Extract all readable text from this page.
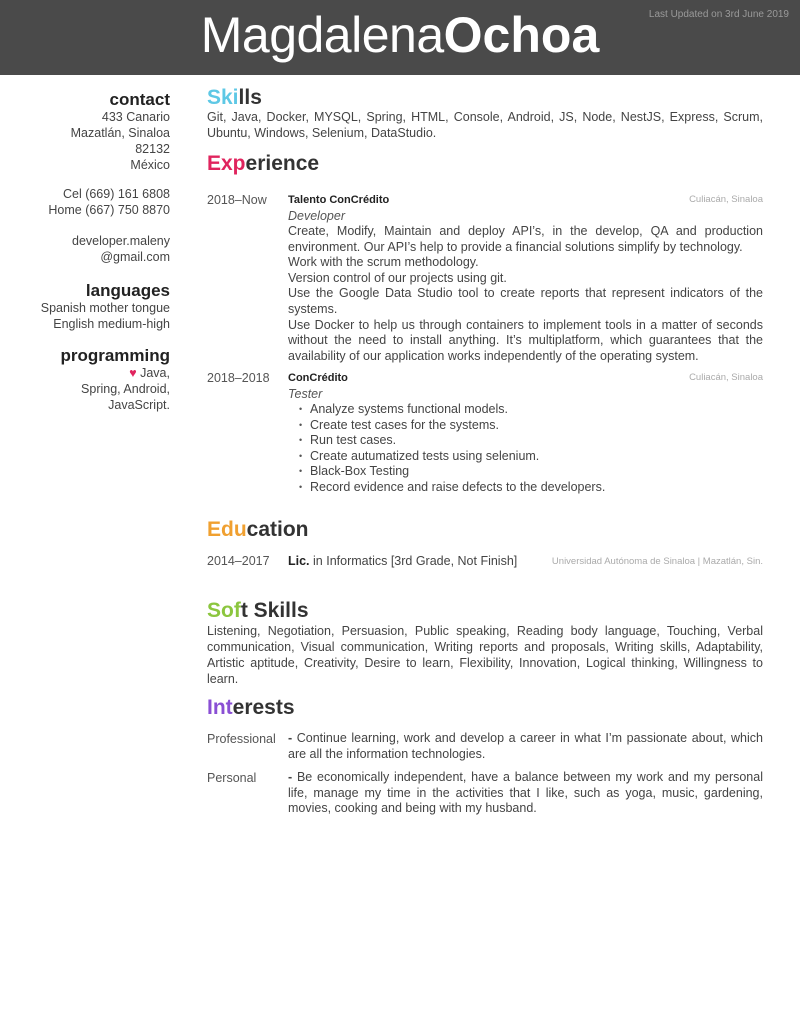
MagdalenaOchoa	Last Updated on 3rd June 2019
contact
433 Canario
Mazatlán, Sinaloa
82132
México
Cel (669) 161 6808
Home (667) 750 8870
developer.maleny
@gmail.com
languages
Spanish mother tongue
English medium-high
programming
♥ Java,
Spring, Android,
JavaScript.
Skills
Git, Java, Docker, MYSQL, Spring, HTML, Console, Android, JS, Node, NestJS, Express, Scrum, Ubuntu, Windows, Selenium, DataStudio.
Experience
2018–Now Talento ConCrédito	Culiacán, Sinaloa
Developer
Create, Modify, Maintain and deploy API’s, in the develop, QA and production environment. Our API’s help to provide a financial solutions simplify by technology.
Work with the scrum methodology.
Version control of our projects using git.
Use the Google Data Studio tool to create reports that represent indicators of the systems.
Use Docker to help us through containers to implement tools in a matter of seconds without the need to install anything. It’s multiplatform, which guarantees that the availability of our application works independently of the operating system.
2018–2018 ConCrédito	Culiacán, Sinaloa
Tester
• Analyze systems functional models.
• Create test cases for the systems.
• Run test cases.
• Create autumatized tests using selenium.
• Black-Box Testing
• Record evidence and raise defects to the developers.
Education
2014–2017 Lic. in Informatics [3rd Grade, Not Finish]	Universidad Autónoma de Sinaloa | Mazatlán, Sin.
Soft Skills
Listening, Negotiation, Persuasion, Public speaking, Reading body language, Touching, Verbal communication, Visual communication, Writing reports and proposals, Writing skills, Adaptability, Artistic aptitude, Creativity, Desire to learn, Flexibility, Innovation, Logical thinking, Willingness to learn.
Interests
Professional - Continue learning, work and develop a career in what I’m passionate about, which are all the information technologies.
Personal	- Be economically independent, have a balance between my work and my personal life, manage my time in the activities that I like, such as yoga, music, gardening, movies, cooking and being with my husband.
